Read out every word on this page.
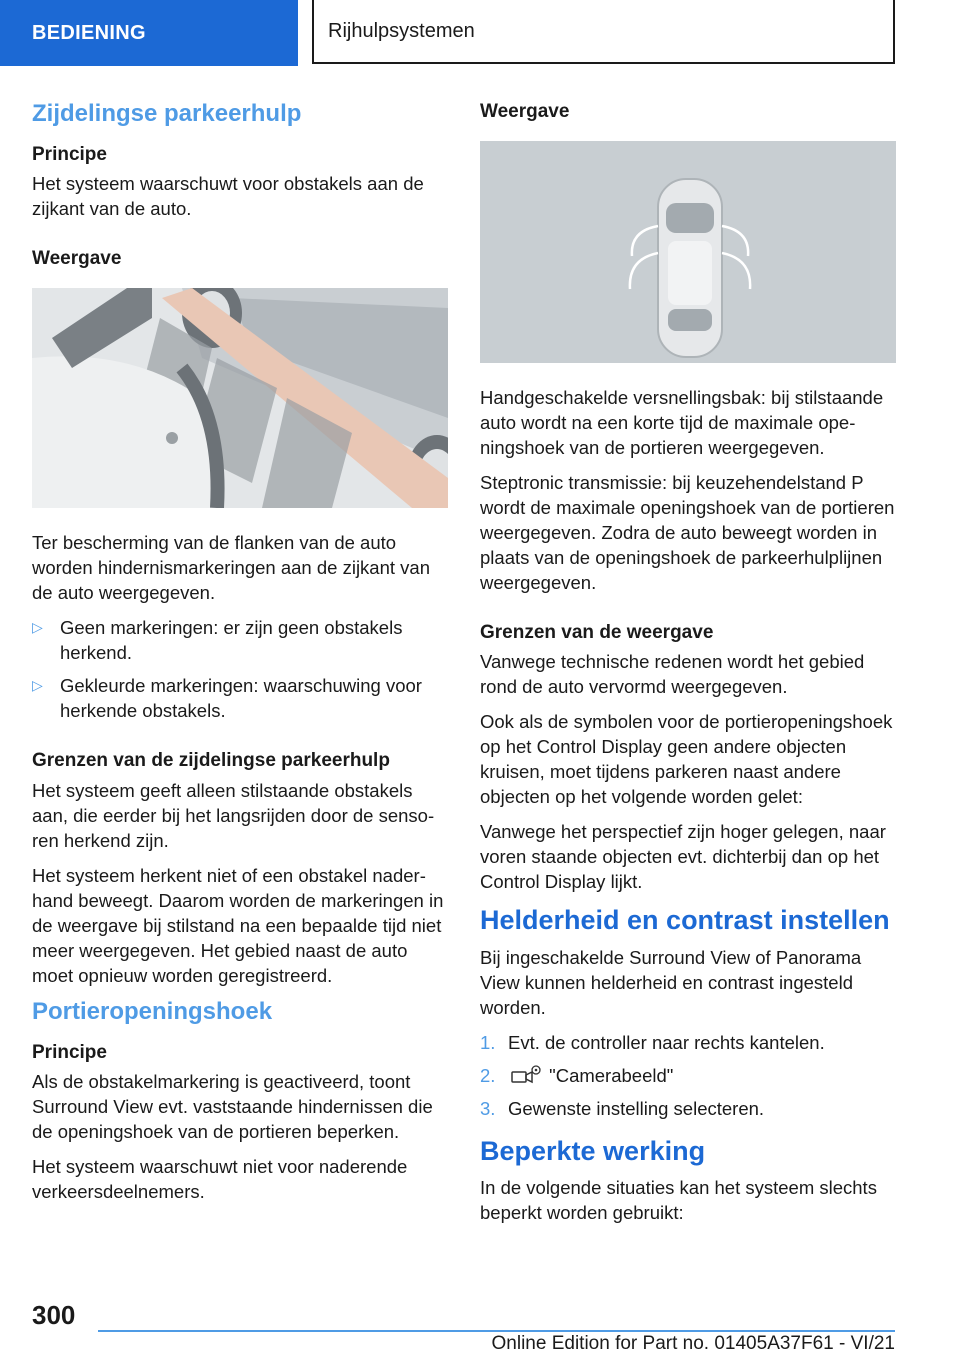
BEDIENING	Rijhulpsystemen
Zijdelingse parkeerhulp
Principe

Het systeem waarschuwt voor obstakels aan de zijkant van de auto.

Weergave

Ter bescherming van de flanken van de auto worden hindernismarkeringen aan de zijkant van de auto weergegeven.

▷ Geen markeringen: er zijn geen obstakels herkend.
▷ Gekleurde markeringen: waarschuwing voor herkende obstakels.
Grenzen van de zijdelingse parkeerhulp

Het systeem geeft alleen stilstaande obstakels aan, die eerder bij het langsrijden door de sensoren herkend zijn.

Het systeem herkent niet of een obstakel naderhand beweegt. Daarom worden de markeringen in de weergave bij stilstand na een bepaalde tijd niet meer weergegeven. Het gebied naast de auto moet opnieuw worden geregistreerd.

Portieropeningshoek
Principe

Als de obstakelmarkering is geactiveerd, toont Surround View evt. vaststaande hindernissen die de openingshoek van de portieren beperken.

Het systeem waarschuwt niet voor naderende verkeersdeelnemers.

Weergave

Handgeschakelde versnellingsbak: bij stilstaande auto wordt na een korte tijd de maximale openingshoek van de portieren weergegeven.

Steptronic transmissie: bij keuzehendelstand P wordt de maximale openingshoek van de portieren weergegeven. Zodra de auto beweegt worden in plaats van de openingshoek de parkeerhulplijnen weergegeven.

Grenzen van de weergave

Vanwege technische redenen wordt het gebied rond de auto vervormd weergegeven.

Ook als de symbolen voor de portieropeningshoek op het Control Display geen andere objecten kruisen, moet tijdens parkeren naast andere objecten op het volgende worden gelet:

Vanwege het perspectief zijn hoger gelegen, naar voren staande objecten evt. dichterbij dan op het Control Display lijkt.

Helderheid en contrast instellen

Bij ingeschakelde Surround View of Panorama View kunnen helderheid en contrast ingesteld worden.

1. Evt. de controller naar rechts kantelen.
2.	"Camerabeeld"
3. Gewenste instelling selecteren.
Beperkte werking

In de volgende situaties kan het systeem slechts beperkt worden gebruikt:

300
Online Edition for Part no. 01405A37F61 - VI/21
